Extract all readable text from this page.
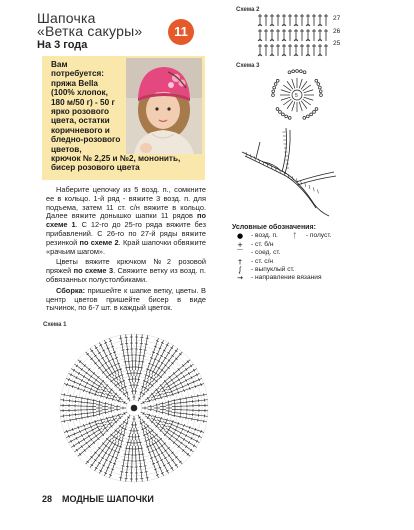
Шапочка
«Ветка сакуры»
На 3 года
11

Вам

потребуется:

пряжа Bella

(100% хлопок,

180 м/50 г) - 50 г

ярко розового

цвета, остатки

коричневого и

бледно-розового

цветов,

крючок № 2,25 и №2, мононить,

бисер розового цвета

Наберите цепочку из 5 возд. п., сомкните ее в кольцо. 1-й ряд - вяжите 3 возд. п. для подъема, затем 11 ст. с/н вяжите в кольцо. Далее вяжите донышко шапки 11 рядов по схеме 1. С 12-го до 25-го ряда вяжите без прибавлений. С 26-го по 27-й ряды вяжите резинкой по схеме 2. Край шапочки обвяжите «рачьим шагом».

Цветы вяжите крючком №2 розовой пряжей по схеме 3. Свяжите ветку из возд. п. обвязанных полустолбиками.

Сборка: пришейте к шапке ветку, цветы. В центр цветов пришейте бисер в виде тычинок, по 6-7 шт. в каждый цветок.

Схема 2
27
26
25
Схема 3
5
Условные обозначения:
●	- возд. п.	ᛏ	- полуст.
+	- ст. б/н
⌒	- соед. ст.
†	- ст. с/н
ᶘ	- выпуклый ст.
→	- направление вязания
Схема 1
28 МОДНЫЕ ШАПОЧКИ
